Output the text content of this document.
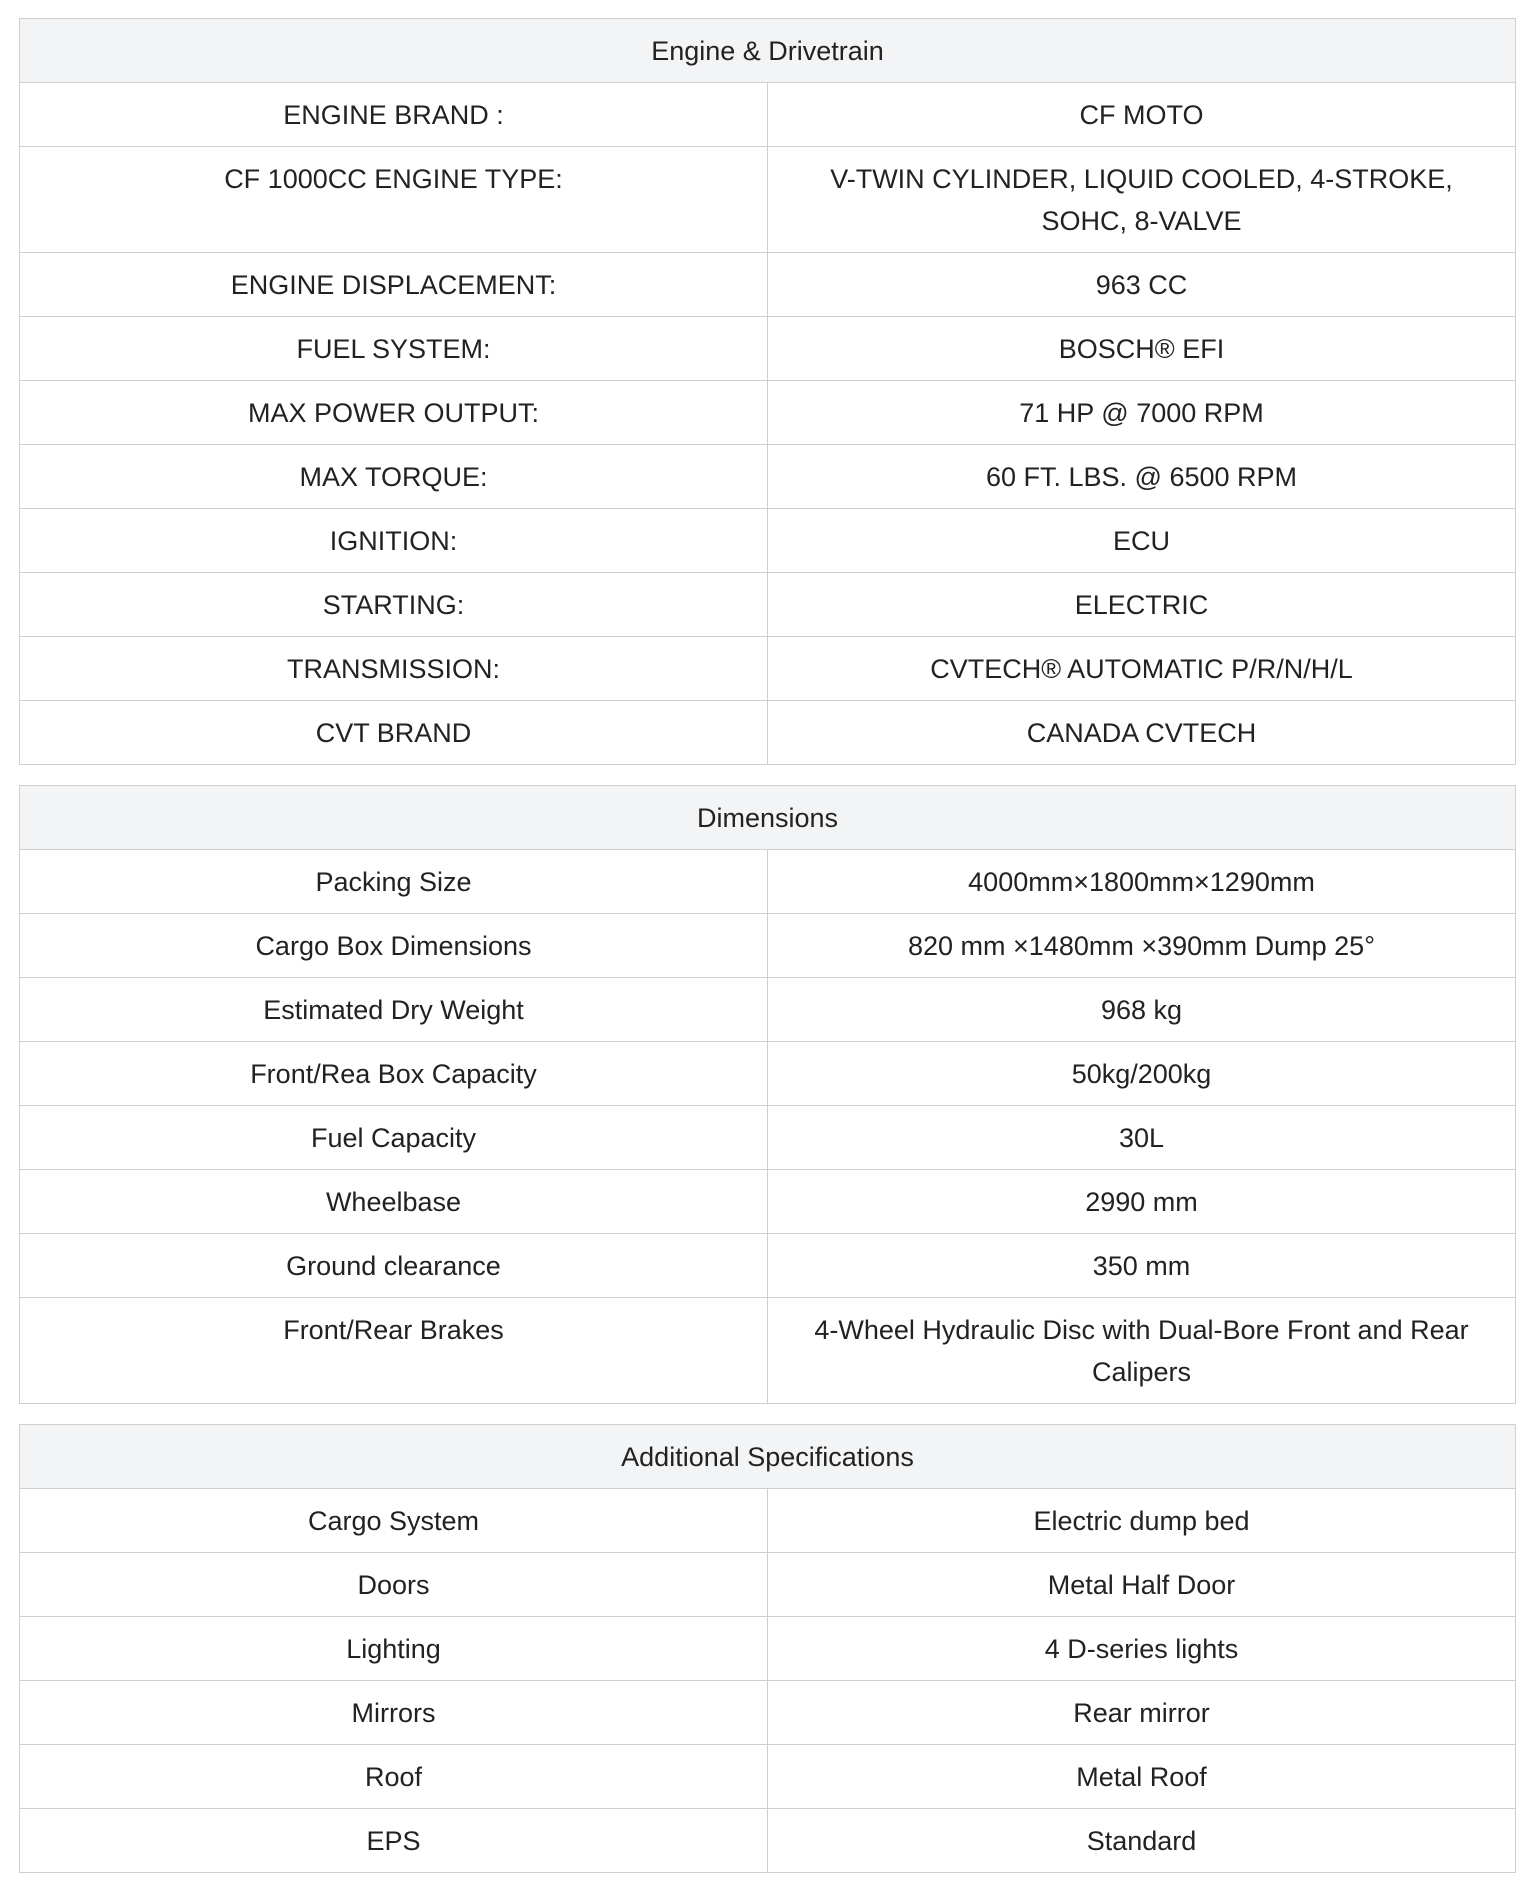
Engine & Drivetrain	
ENGINE BRAND :	CF MOTO
CF 1000CC ENGINE TYPE:	V-TWIN CYLINDER, LIQUID COOLED, 4-STROKE, SOHC, 8-VALVE
ENGINE DISPLACEMENT:	963 CC
FUEL SYSTEM:	BOSCH® EFI
MAX POWER OUTPUT:	71 HP @ 7000 RPM
MAX TORQUE:	60 FT. LBS. @ 6500 RPM
IGNITION:	ECU
STARTING:	ELECTRIC
TRANSMISSION:	CVTECH® AUTOMATIC P/R/N/H/L
CVT BRAND	CANADA CVTECH
Dimensions	
Packing Size	4000mm×1800mm×1290mm
Cargo Box Dimensions	820 mm ×1480mm ×390mm Dump 25°
Estimated Dry Weight	968 kg
Front/Rea Box Capacity	50kg/200kg
Fuel Capacity	30L
Wheelbase	2990 mm
Ground clearance	350 mm
Front/Rear Brakes	4-Wheel Hydraulic Disc with Dual-Bore Front and Rear Calipers
Additional Specifications	
Cargo System	Electric dump bed
Doors	Metal Half Door
Lighting	4 D-series lights
Mirrors	Rear mirror
Roof	Metal Roof
EPS	Standard
